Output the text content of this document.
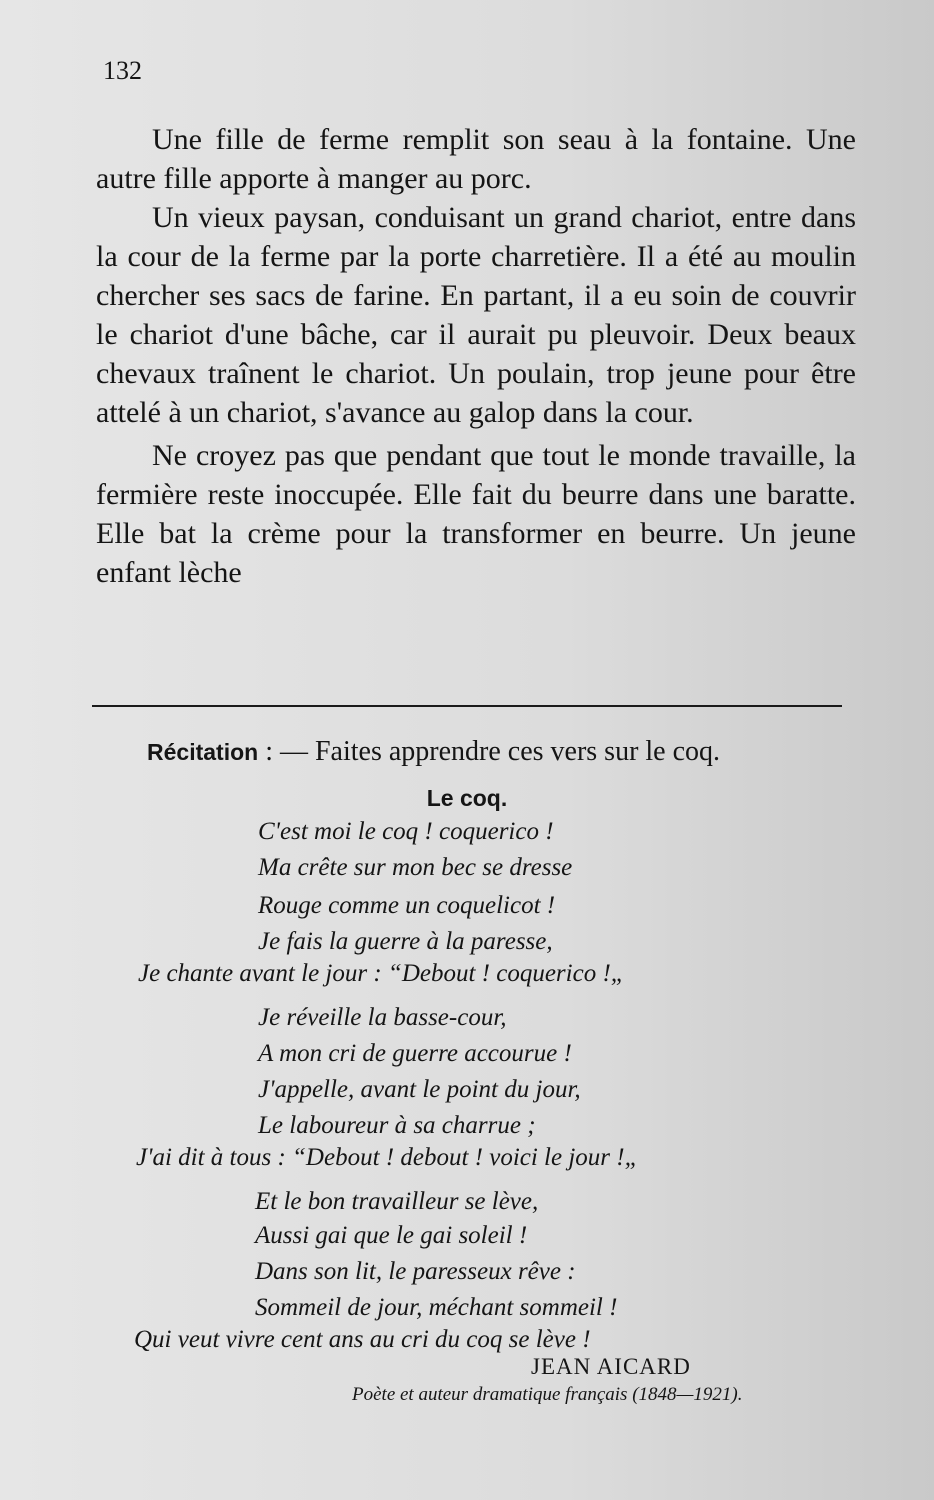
132

Une fille de ferme remplit son seau à la fontaine. Une autre fille apporte à manger au porc.

Un vieux paysan, conduisant un grand chariot, entre dans la cour de la ferme par la porte charretière. Il a été au moulin chercher ses sacs de farine. En partant, il a eu soin de couvrir le chariot d'une bâche, car il aurait pu pleuvoir. Deux beaux chevaux traînent le chariot. Un poulain, trop jeune pour être attelé à un chariot, s'avance au galop dans la cour.

Ne croyez pas que pendant que tout le monde travaille, la fermière reste inoccupée. Elle fait du beurre dans une baratte. Elle bat la crème pour la transformer en beurre. Un jeune enfant lèche

Récitation : — Faites apprendre ces vers sur le coq.
Le coq.
C'est moi le coq ! coquerico !
Ma crête sur mon bec se dresse
Rouge comme un coquelicot !
Je fais la guerre à la paresse,
Je chante avant le jour : “Debout ! coquerico !„
Je réveille la basse-cour,
A mon cri de guerre accourue !
J'appelle, avant le point du jour,
Le laboureur à sa charrue ;
J'ai dit à tous : “Debout ! debout ! voici le jour !„
Et le bon travailleur se lève,
Aussi gai que le gai soleil !
Dans son lit, le paresseux rêve :
Sommeil de jour, méchant sommeil !
Qui veut vivre cent ans au cri du coq se lève !
JEAN AICARD
Poète et auteur dramatique français (1848—1921).
